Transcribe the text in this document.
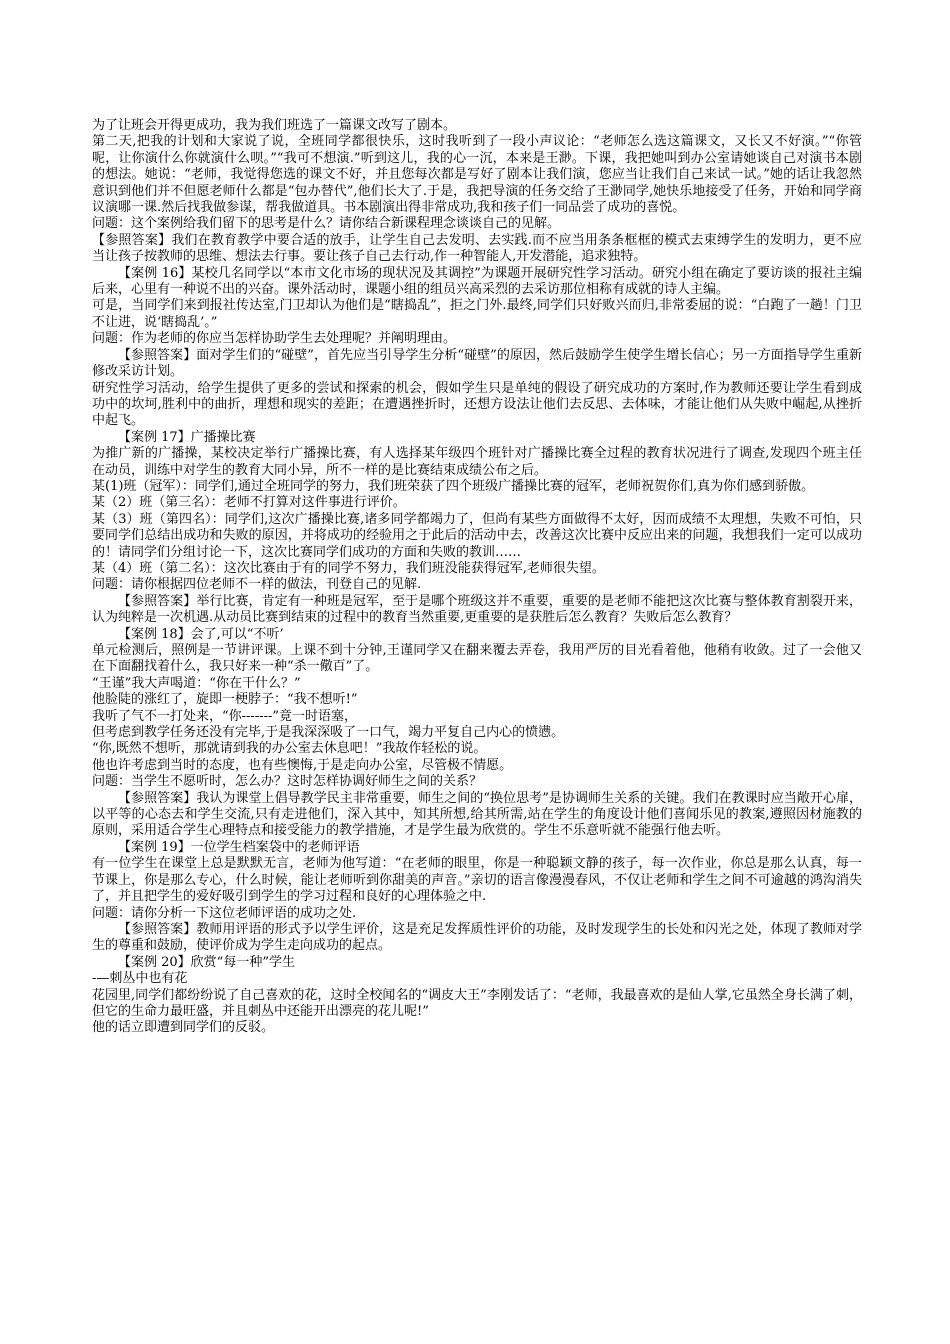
为了让班会开得更成功，我为我们班选了一篇课文改写了剧本。

第二天,把我的计划和大家说了说，全班同学都很快乐，这时我听到了一段小声议论：“老师怎么选这篇课文，又长又不好演。”“你管呢，让你演什么你就演什么呗。”“我可不想演.”听到这儿，我的心一沉，本来是王渺。下课，我把她叫到办公室请她谈自己对演书本剧的想法。她说：“老师，我觉得您选的课文不好，并且您每次都是写好了剧本让我们演，您应当让我们自己来试一试。”她的话让我忽然意识到他们并不但愿老师什么都是“包办替代”,他们长大了.于是，我把导演的任务交给了王渺同学,她快乐地接受了任务，开始和同学商议演哪一课.然后找我做参谋，帮我做道具。书本剧演出得非常成功,我和孩子们一同品尝了成功的喜悦。

问题：这个案例给我们留下的思考是什么？请你结合新课程理念谈谈自己的见解。

【参照答案】我们在教育教学中要合适的放手，让学生自己去发明、去实践.而不应当用条条框框的模式去束缚学生的发明力，更不应当让孩子按教师的思维、想法去行事。要让孩子自己去行动,作一种智能人,开发潜能，追求独特。

【案例 16】某校几名同学以“本市文化市场的现状况及其调控”为课题开展研究性学习活动。研究小组在确定了要访谈的报社主编后来，心里有一种说不出的兴奋。课外活动时，课题小组的组员兴高采烈的去采访那位相称有成就的诗人主编。

可是，当同学们来到报社传达室,门卫却认为他们是“瞎捣乱”，拒之门外.最终,同学们只好败兴而归,非常委屈的说：“白跑了一趟！门卫不让进，说‘瞎捣乱’。”

问题：作为老师的你应当怎样协助学生去处理呢？并阐明理由。

【参照答案】面对学生们的“碰壁”，首先应当引导学生分析“碰壁”的原因，然后鼓励学生使学生增长信心；另一方面指导学生重新修改采访计划。

研究性学习活动，给学生提供了更多的尝试和探索的机会，假如学生只是单纯的假设了研究成功的方案时,作为教师还要让学生看到成功中的坎坷,胜利中的曲折，理想和现实的差距；在遭遇挫折时，还想方设法让他们去反思、去体味，才能让他们从失败中崛起,从挫折中起飞。

【案例 17】广播操比赛

为推广新的广播操，某校决定举行广播操比赛，有人选择某年级四个班针对广播操比赛全过程的教育状况进行了调查,发现四个班主任在动员，训练中对学生的教育大同小异，所不一样的是比赛结束成绩公布之后。

某(1)班（冠军）：同学们,通过全班同学的努力，我们班荣获了四个班级广播操比赛的冠军，老师祝贺你们,真为你们感到骄傲。

某（2）班（第三名）：老师不打算对这件事进行评价。

某（3）班（第四名）：同学们,这次广播操比赛,诸多同学都竭力了，但尚有某些方面做得不太好，因而成绩不太理想，失败不可怕，只要同学们总结出成功和失败的原因，并将成功的经验用之于此后的活动中去，改善这次比赛中反应出来的问题，我想我们一定可以成功的！请同学们分组讨论一下，这次比赛同学们成功的方面和失败的教训……

某（4）班（第二名）：这次比赛由于有的同学不努力，我们班没能获得冠军,老师很失望。

问题：请你根据四位老师不一样的做法，刊登自己的见解.

【参照答案】举行比赛，肯定有一种班是冠军，至于是哪个班级这并不重要，重要的是老师不能把这次比赛与整体教育割裂开来，认为纯粹是一次机遇.从动员比赛到结束的过程中的教育当然重要,更重要的是获胜后怎么教育？失败后怎么教育？

【案例 18】会了,可以“不听’

单元检测后，照例是一节讲评课。上课不到十分钟,王谨同学又在翻来覆去弄卷，我用严厉的目光看着他，他稍有收敛。过了一会他又在下面翻找着什么，我只好来一种“杀一儆百”了。

“王谨”我大声喝道：“你在干什么？”

他脸陡的涨红了，旋即一梗脖子：“我不想听!”

我听了气不一打处来，“你-------”竟一时语塞，

但考虑到教学任务还没有完毕,于是我深深吸了一口气，竭力平复自己内心的愤懑。

“你,既然不想听，那就请到我的办公室去休息吧！”我故作轻松的说。

他也许考虑到当时的态度，也有些懊悔,于是走向办公室，尽管极不情愿。

问题：当学生不愿听时，怎么办？这时怎样协调好师生之间的关系？

【参照答案】我认为课堂上倡导教学民主非常重要，师生之间的“换位思考”是协调师生关系的关键。我们在教课时应当敞开心扉，以平等的心态去和学生交流,只有走进他们，深入其中，知其所想,给其所需,站在学生的角度设计他们喜闻乐见的教案,遵照因材施教的原则，采用适合学生心理特点和接受能力的教学措施，才是学生最为欣赏的。学生不乐意听就不能强行他去听。

【案例 19】一位学生档案袋中的老师评语

有一位学生在课堂上总是默默无言，老师为他写道：“在老师的眼里，你是一种聪颖文静的孩子，每一次作业，你总是那么认真，每一节课上，你是那么专心，什么时候，能让老师听到你甜美的声音。”亲切的语言像漫漫春风，不仅让老师和学生之间不可逾越的鸿沟消失了，并且把学生的爱好吸引到学生的学习过程和良好的心理体验之中.

问题：请你分析一下这位老师评语的成功之处.

【参照答案】教师用评语的形式予以学生评价，这是充足发挥质性评价的功能，及时发现学生的长处和闪光之处，体现了教师对学生的尊重和鼓励，使评价成为学生走向成功的起点。

【案例 20】欣赏“每一种”学生

-—刺丛中也有花

花园里,同学们都纷纷说了自己喜欢的花，这时全校闻名的“调皮大王”李刚发话了：“老师，我最喜欢的是仙人掌,它虽然全身长满了刺，但它的生命力最旺盛，并且刺丛中还能开出漂亮的花儿呢!”

他的话立即遭到同学们的反驳。
